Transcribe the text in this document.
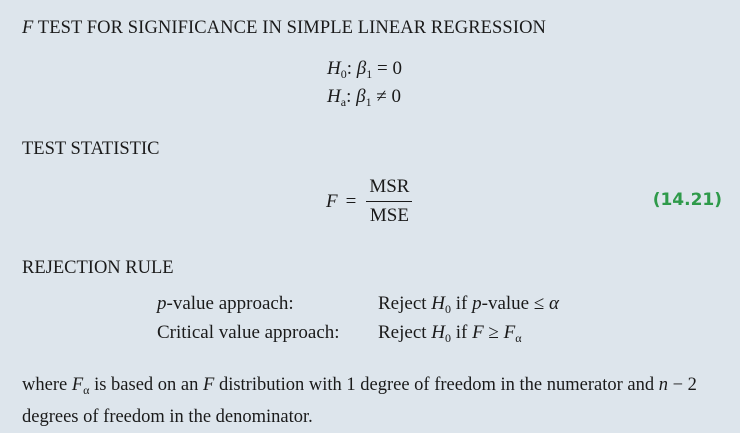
F TEST FOR SIGNIFICANCE IN SIMPLE LINEAR REGRESSION
$H_0$: $\beta_1 = 0$
$H_a$: $\beta_1 \ne 0$
TEST STATISTIC
$F = \frac{\text{MSR}}{\text{MSE}}$	(14.21)
REJECTION RULE
p-value approach:	Reject $H_0$ if p-value ≤ α
Critical value approach: Reject $H_0$ if $F \ge F_\alpha$
where $F_\alpha$ is based on an F distribution with 1 degree of freedom in the numerator and n − 2 degrees of freedom in the denominator.
